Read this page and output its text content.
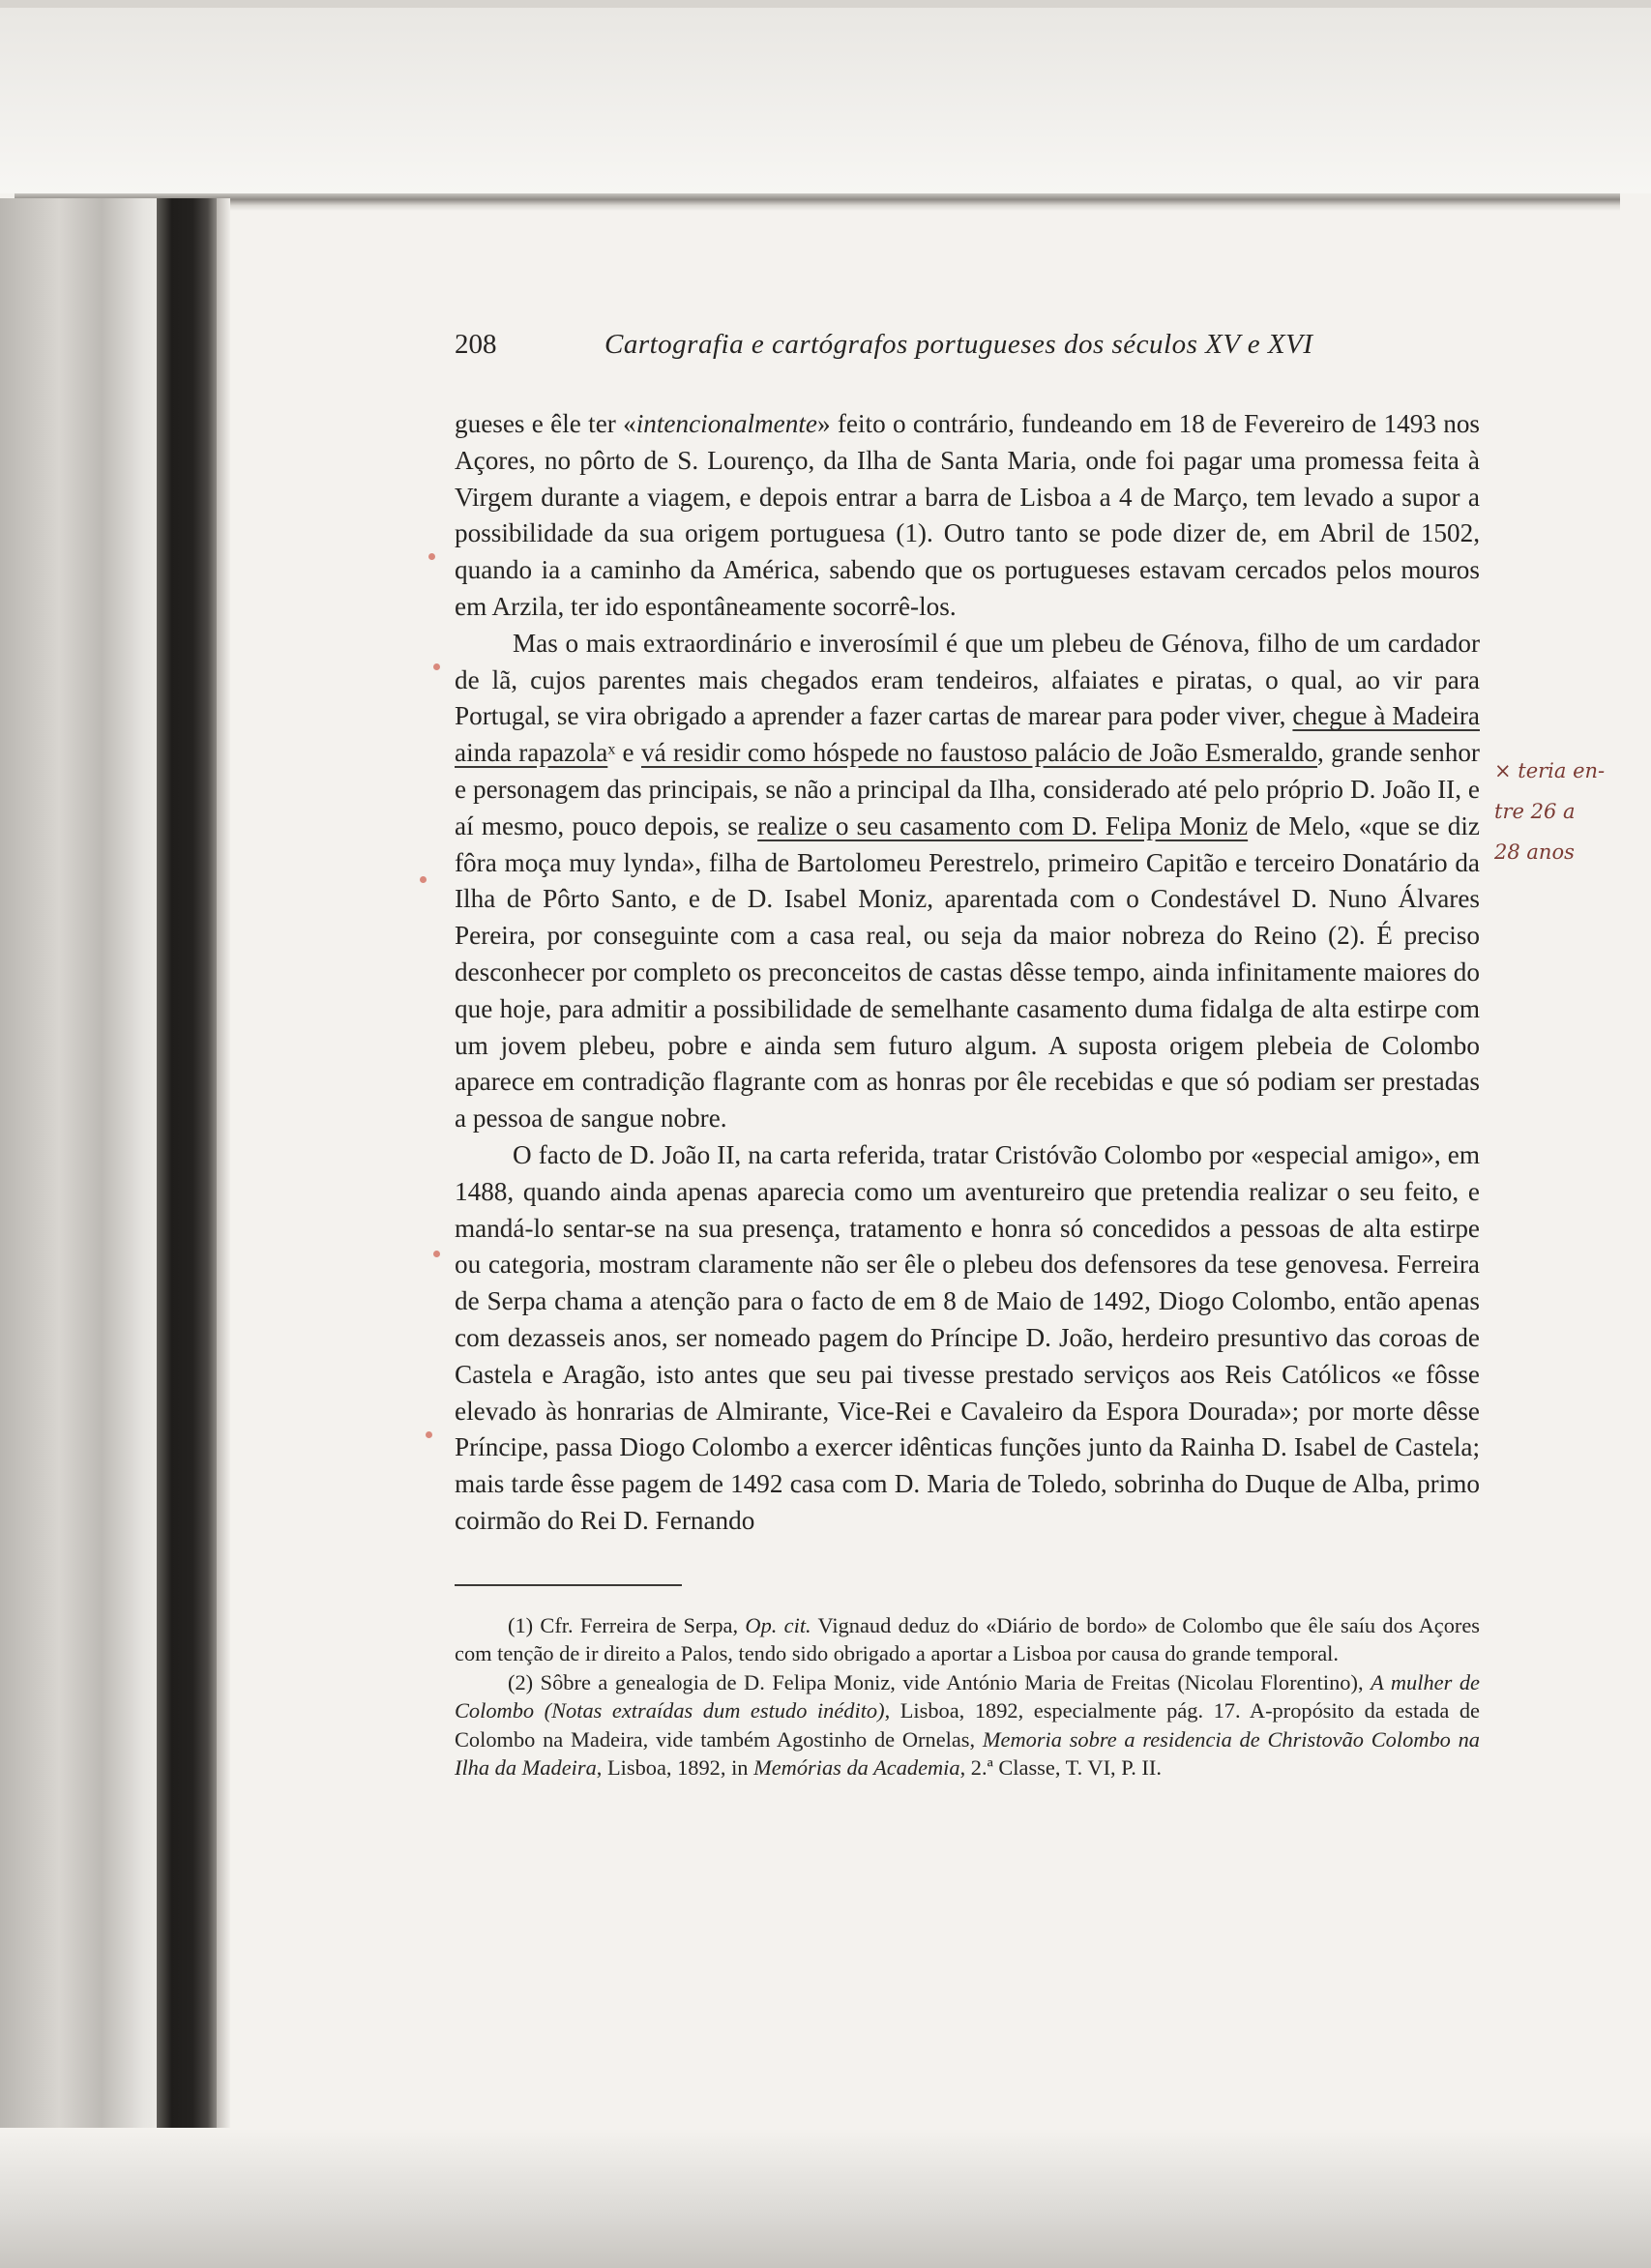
208	Cartografia e cartógrafos portugueses dos séculos XV e XVI

gueses e êle ter «intencionalmente» feito o contrário, fundeando em 18 de Fevereiro de 1493 nos Açores, no pôrto de S. Lourenço, da Ilha de Santa Maria, onde foi pagar uma promessa feita à Virgem durante a viagem, e depois entrar a barra de Lisboa a 4 de Março, tem levado a supor a possibilidade da sua origem portuguesa (1). Outro tanto se pode dizer de, em Abril de 1502, quando ia a caminho da América, sabendo que os portugueses estavam cercados pelos mouros em Arzila, ter ido espontâneamente socorrê-los.

Mas o mais extraordinário e inverosímil é que um plebeu de Génova, filho de um cardador de lã, cujos parentes mais chegados eram tendeiros, alfaiates e piratas, o qual, ao vir para Portugal, se vira obrigado a aprender a fazer cartas de marear para poder viver, chegue à Madeira ainda rapazolaˣ e vá residir como hóspede no faustoso palácio de João Esmeraldo, grande senhor e personagem das principais, se não a principal da Ilha, considerado até pelo próprio D. João II, e aí mesmo, pouco depois, se realize o seu casamento com D. Felipa Moniz de Melo, «que se diz fôra moça muy lynda», filha de Bartolomeu Perestrelo, primeiro Capitão e terceiro Donatário da Ilha de Pôrto Santo, e de D. Isabel Moniz, aparentada com o Condestável D. Nuno Álvares Pereira, por conseguinte com a casa real, ou seja da maior nobreza do Reino (2). É preciso desconhecer por completo os preconceitos de castas dêsse tempo, ainda infinitamente maiores do que hoje, para admitir a possibilidade de semelhante casamento duma fidalga de alta estirpe com um jovem plebeu, pobre e ainda sem futuro algum. A suposta origem plebeia de Colombo aparece em contradição flagrante com as honras por êle recebidas e que só podiam ser prestadas a pessoa de sangue nobre.

O facto de D. João II, na carta referida, tratar Cristóvão Colombo por «especial amigo», em 1488, quando ainda apenas aparecia como um aventureiro que pretendia realizar o seu feito, e mandá-lo sentar-se na sua presença, tratamento e honra só concedidos a pessoas de alta estirpe ou categoria, mostram claramente não ser êle o plebeu dos defensores da tese genovesa. Ferreira de Serpa chama a atenção para o facto de em 8 de Maio de 1492, Diogo Colombo, então apenas com dezasseis anos, ser nomeado pagem do Príncipe D. João, herdeiro presuntivo das coroas de Castela e Aragão, isto antes que seu pai tivesse prestado serviços aos Reis Católicos «e fôsse elevado às honrarias de Almirante, Vice-Rei e Cavaleiro da Espora Dourada»; por morte dêsse Príncipe, passa Diogo Colombo a exercer idênticas funções junto da Rainha D. Isabel de Castela; mais tarde êsse pagem de 1492 casa com D. Maria de Toledo, sobrinha do Duque de Alba, primo coirmão do Rei D. Fernando

(1) Cfr. Ferreira de Serpa, Op. cit. Vignaud deduz do «Diário de bordo» de Colombo que êle saíu dos Açores com tenção de ir direito a Palos, tendo sido obrigado a aportar a Lisboa por causa do grande temporal.

(2) Sôbre a genealogia de D. Felipa Moniz, vide António Maria de Freitas (Nicolau Florentino), A mulher de Colombo (Notas extraídas dum estudo inédito), Lisboa, 1892, especialmente pág. 17. A-propósito da estada de Colombo na Madeira, vide também Agostinho de Ornelas, Memoria sobre a residencia de Christovão Colombo na Ilha da Madeira, Lisboa, 1892, in Memórias da Academia, 2.ª Classe, T. VI, P. II.

× teria en-
tre 26 a
28 anos
